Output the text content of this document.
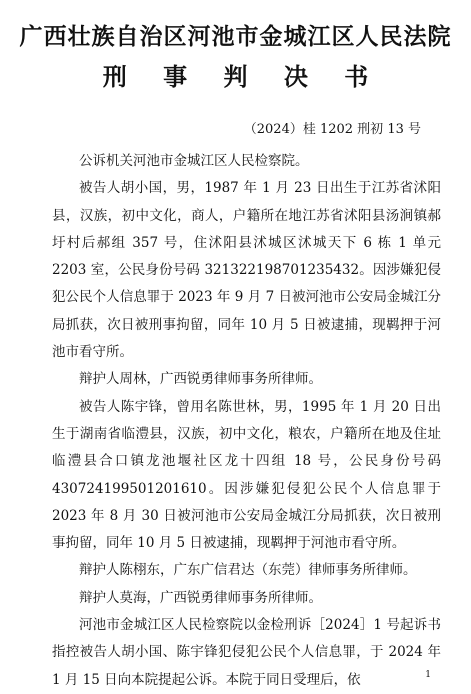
广西壮族自治区河池市金城江区人民法院
刑 事 判 决 书
（2024）桂 1202 刑初 13 号

公诉机关河池市金城江区人民检察院。

被告人胡小国，男，1987 年 1 月 23 日出生于江苏省沭阳县，汉族，初中文化，商人，户籍所在地江苏省沭阳县汤涧镇郝圩村后郝组 357 号，住沭阳县沭城区沭城天下 6 栋 1 单元 2203 室，公民身份号码 321322198701235432。因涉嫌犯侵犯公民个人信息罪于 2023 年 9 月 7 日被河池市公安局金城江分局抓获，次日被刑事拘留，同年 10 月 5 日被逮捕，现羁押于河池市看守所。

辩护人周林，广西锐勇律师事务所律师。

被告人陈宇锋，曾用名陈世林，男，1995 年 1 月 20 日出生于湖南省临澧县，汉族，初中文化，粮农，户籍所在地及住址临澧县合口镇龙池堰社区龙十四组 18 号，公民身份号码 430724199501201610。因涉嫌犯侵犯公民个人信息罪于 2023 年 8 月 30 日被河池市公安局金城江分局抓获，次日被刑事拘留，同年 10 月 5 日被逮捕，现羁押于河池市看守所。

辩护人陈栩东，广东广信君达（东莞）律师事务所律师。

辩护人莫海，广西锐勇律师事务所律师。

河池市金城江区人民检察院以金检刑诉［2024］1 号起诉书指控被告人胡小国、陈宇锋犯侵犯公民个人信息罪，于 2024 年 1 月 15 日向本院提起公诉。本院于同日受理后，依	1
